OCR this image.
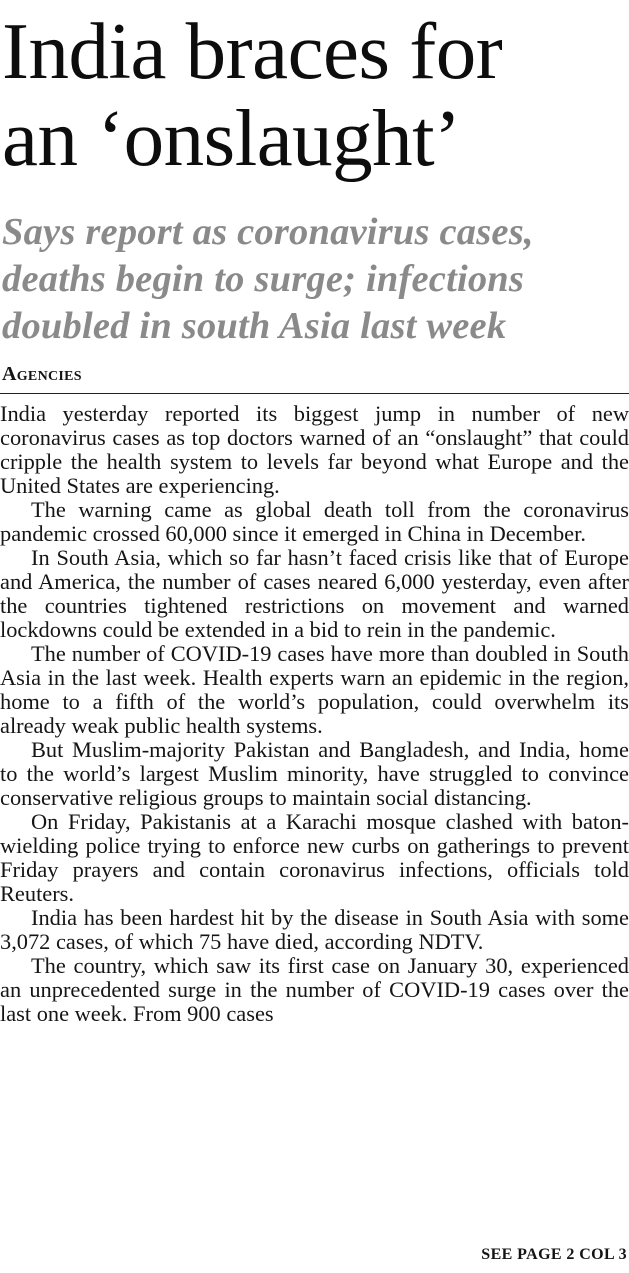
India braces for
an ‘onslaught’
Says report as coronavirus cases,
deaths begin to surge; infections
doubled in south Asia last week
Agencies

India yesterday reported its biggest jump in number of new coronavirus cases as top doctors warned of an “onslaught” that could cripple the health system to levels far beyond what Europe and the United States are experiencing.

The warning came as global death toll from the coronavirus pandemic crossed 60,000 since it emerged in China in December.

In South Asia, which so far hasn’t faced crisis like that of Europe and America, the number of cases neared 6,000 yesterday, even after the countries tightened restrictions on movement and warned lockdowns could be extended in a bid to rein in the pandemic.

The number of COVID-19 cases have more than doubled in South Asia in the last week. Health experts warn an epidemic in the region, home to a fifth of the world’s population, could overwhelm its already weak public health systems.

But Muslim-majority Pakistan and Bangladesh, and India, home to the world’s largest Muslim minority, have struggled to convince conservative religious groups to maintain social distancing.

On Friday, Pakistanis at a Karachi mosque clashed with baton-wielding police trying to enforce new curbs on gatherings to prevent Friday prayers and contain coronavirus infections, officials told Reuters.

India has been hardest hit by the disease in South Asia with some 3,072 cases, of which 75 have died, according NDTV.

The country, which saw its first case on January 30, experienced an unprecedented surge in the number of COVID-19 cases over the last one week. From 900 cases

SEE PAGE 2 COL 3
